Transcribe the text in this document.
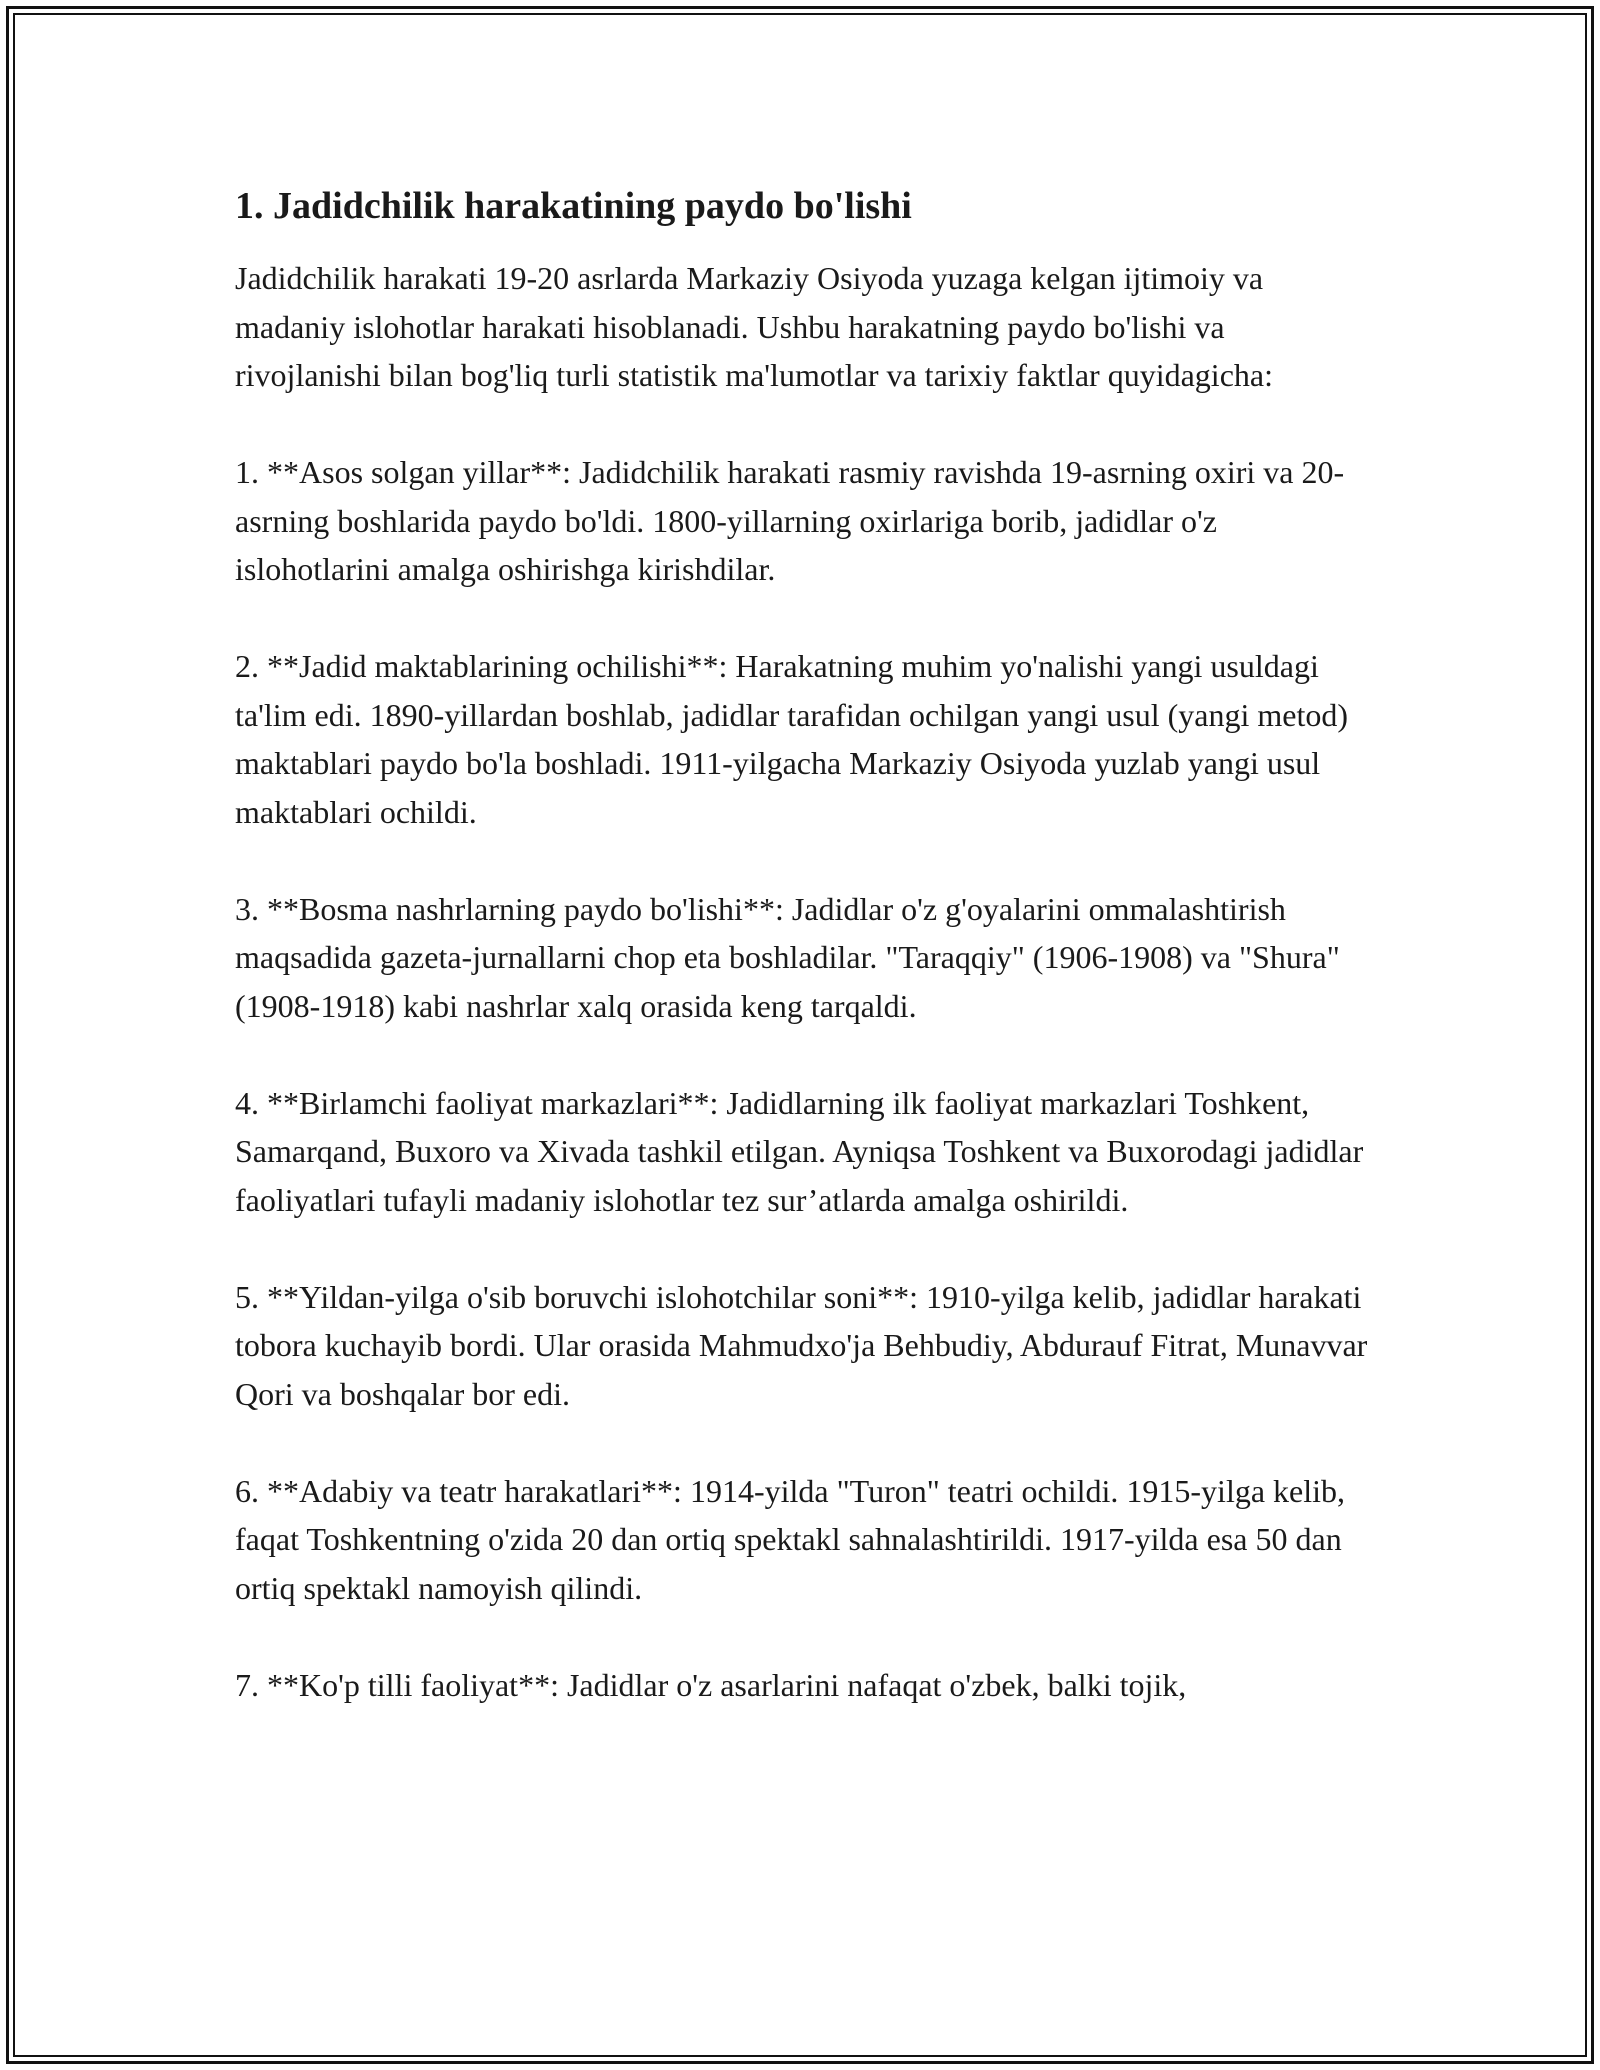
1. Jadidchilik harakatining paydo bo'lishi

Jadidchilik harakati 19-20 asrlarda Markaziy Osiyoda yuzaga kelgan ijtimoiy va madaniy islohotlar harakati hisoblanadi. Ushbu harakatning paydo bo'lishi va rivojlanishi bilan bog'liq turli statistik ma'lumotlar va tarixiy faktlar quyidagicha:

1. **Asos solgan yillar**: Jadidchilik harakati rasmiy ravishda 19-asrning oxiri va 20-asrning boshlarida paydo bo'ldi. 1800-yillarning oxirlariga borib, jadidlar o'z islohotlarini amalga oshirishga kirishdilar.

2. **Jadid maktablarining ochilishi**: Harakatning muhim yo'nalishi yangi usuldagi ta'lim edi. 1890-yillardan boshlab, jadidlar tarafidan ochilgan yangi usul (yangi metod) maktablari paydo bo'la boshladi. 1911-yilgacha Markaziy Osiyoda yuzlab yangi usul maktablari ochildi.

3. **Bosma nashrlarning paydo bo'lishi**: Jadidlar o'z g'oyalarini ommalashtirish maqsadida gazeta-jurnallarni chop eta boshladilar. "Taraqqiy" (1906-1908) va "Shura" (1908-1918) kabi nashrlar xalq orasida keng tarqaldi.

4. **Birlamchi faoliyat markazlari**: Jadidlarning ilk faoliyat markazlari Toshkent, Samarqand, Buxoro va Xivada tashkil etilgan. Ayniqsa Toshkent va Buxorodagi jadidlar faoliyatlari tufayli madaniy islohotlar tez sur’atlarda amalga oshirildi.

5. **Yildan-yilga o'sib boruvchi islohotchilar soni**: 1910-yilga kelib, jadidlar harakati tobora kuchayib bordi. Ular orasida Mahmudxo'ja Behbudiy, Abdurauf Fitrat, Munavvar Qori va boshqalar bor edi.

6. **Adabiy va teatr harakatlari**: 1914-yilda "Turon" teatri ochildi. 1915-yilga kelib, faqat Toshkentning o'zida 20 dan ortiq spektakl sahnalashtirildi. 1917-yilda esa 50 dan ortiq spektakl namoyish qilindi.

7. **Ko'p tilli faoliyat**: Jadidlar o'z asarlarini nafaqat o'zbek, balki tojik,
